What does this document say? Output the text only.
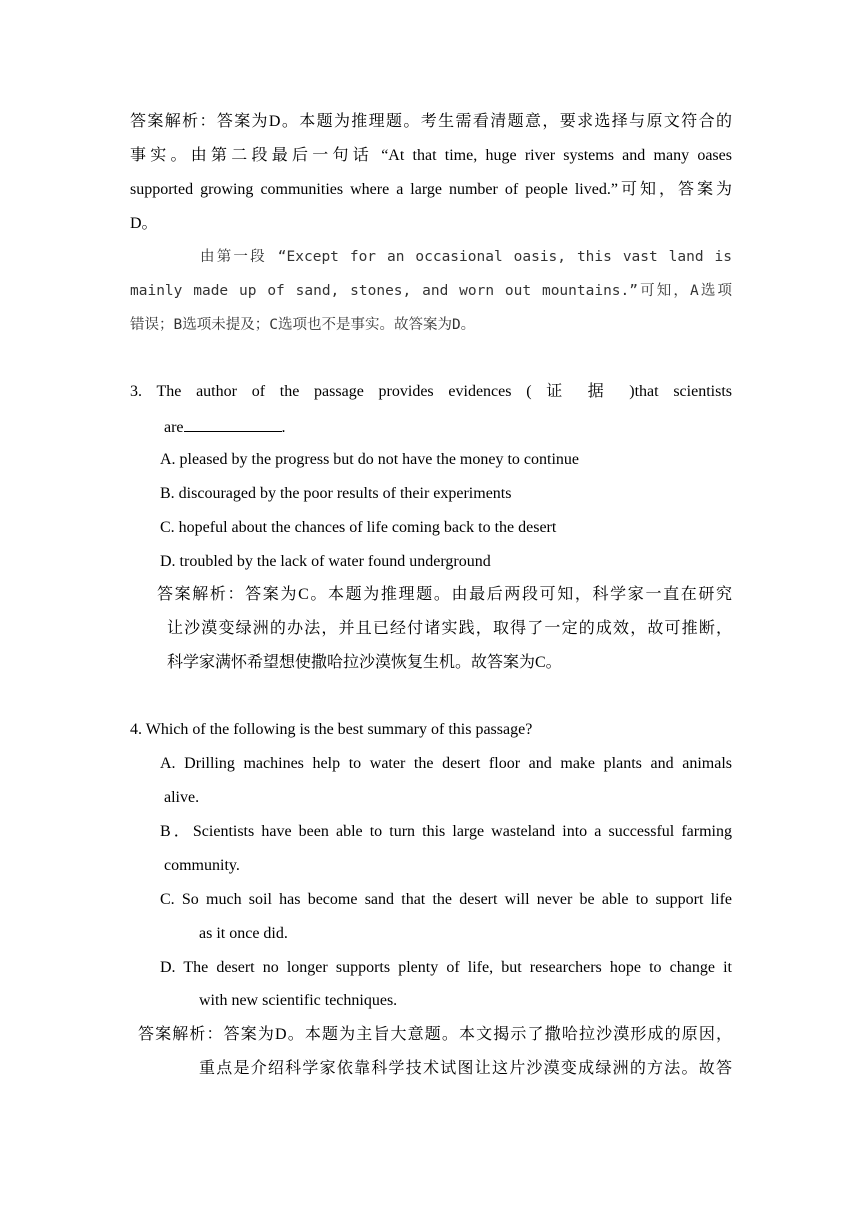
答案解析：答案为D。本题为推理题。考生需看清题意，要求选择与原文符合的
事实。由第二段最后一句话 “At that time, huge river systems and many oases
supported growing communities where a large number of people lived.”可知，答案为
D。
由第一段 “Except for an occasional oasis, this vast land is
mainly made up of sand, stones, and worn out mountains.”可知，A选项
错误；B选项未提及；C选项也不是事实。故答案为D。
3. The author of the passage provides evidences ( 证 据 )that scientists
are	.
A. pleased by the progress but do not have the money to continue
B. discouraged by the poor results of their experiments
C. hopeful about the chances of life coming back to the desert
D. troubled by the lack of water found underground
答案解析：答案为C。本题为推理题。由最后两段可知，科学家一直在研究
让沙漠变绿洲的办法，并且已经付诸实践，取得了一定的成效，故可推断，
科学家满怀希望想使撒哈拉沙漠恢复生机。故答案为C。
4. Which of the following is the best summary of this passage?
A. Drilling machines help to water the desert floor and make plants and animals
alive.
B．Scientists have been able to turn this large wasteland into a successful farming
community.
C. So much soil has become sand that the desert will never be able to support life
as it once did.
D. The desert no longer supports plenty of life, but researchers hope to change it
with new scientific techniques.
答案解析：答案为D。本题为主旨大意题。本文揭示了撒哈拉沙漠形成的原因，
重点是介绍科学家依靠科学技术试图让这片沙漠变成绿洲的方法。故答
